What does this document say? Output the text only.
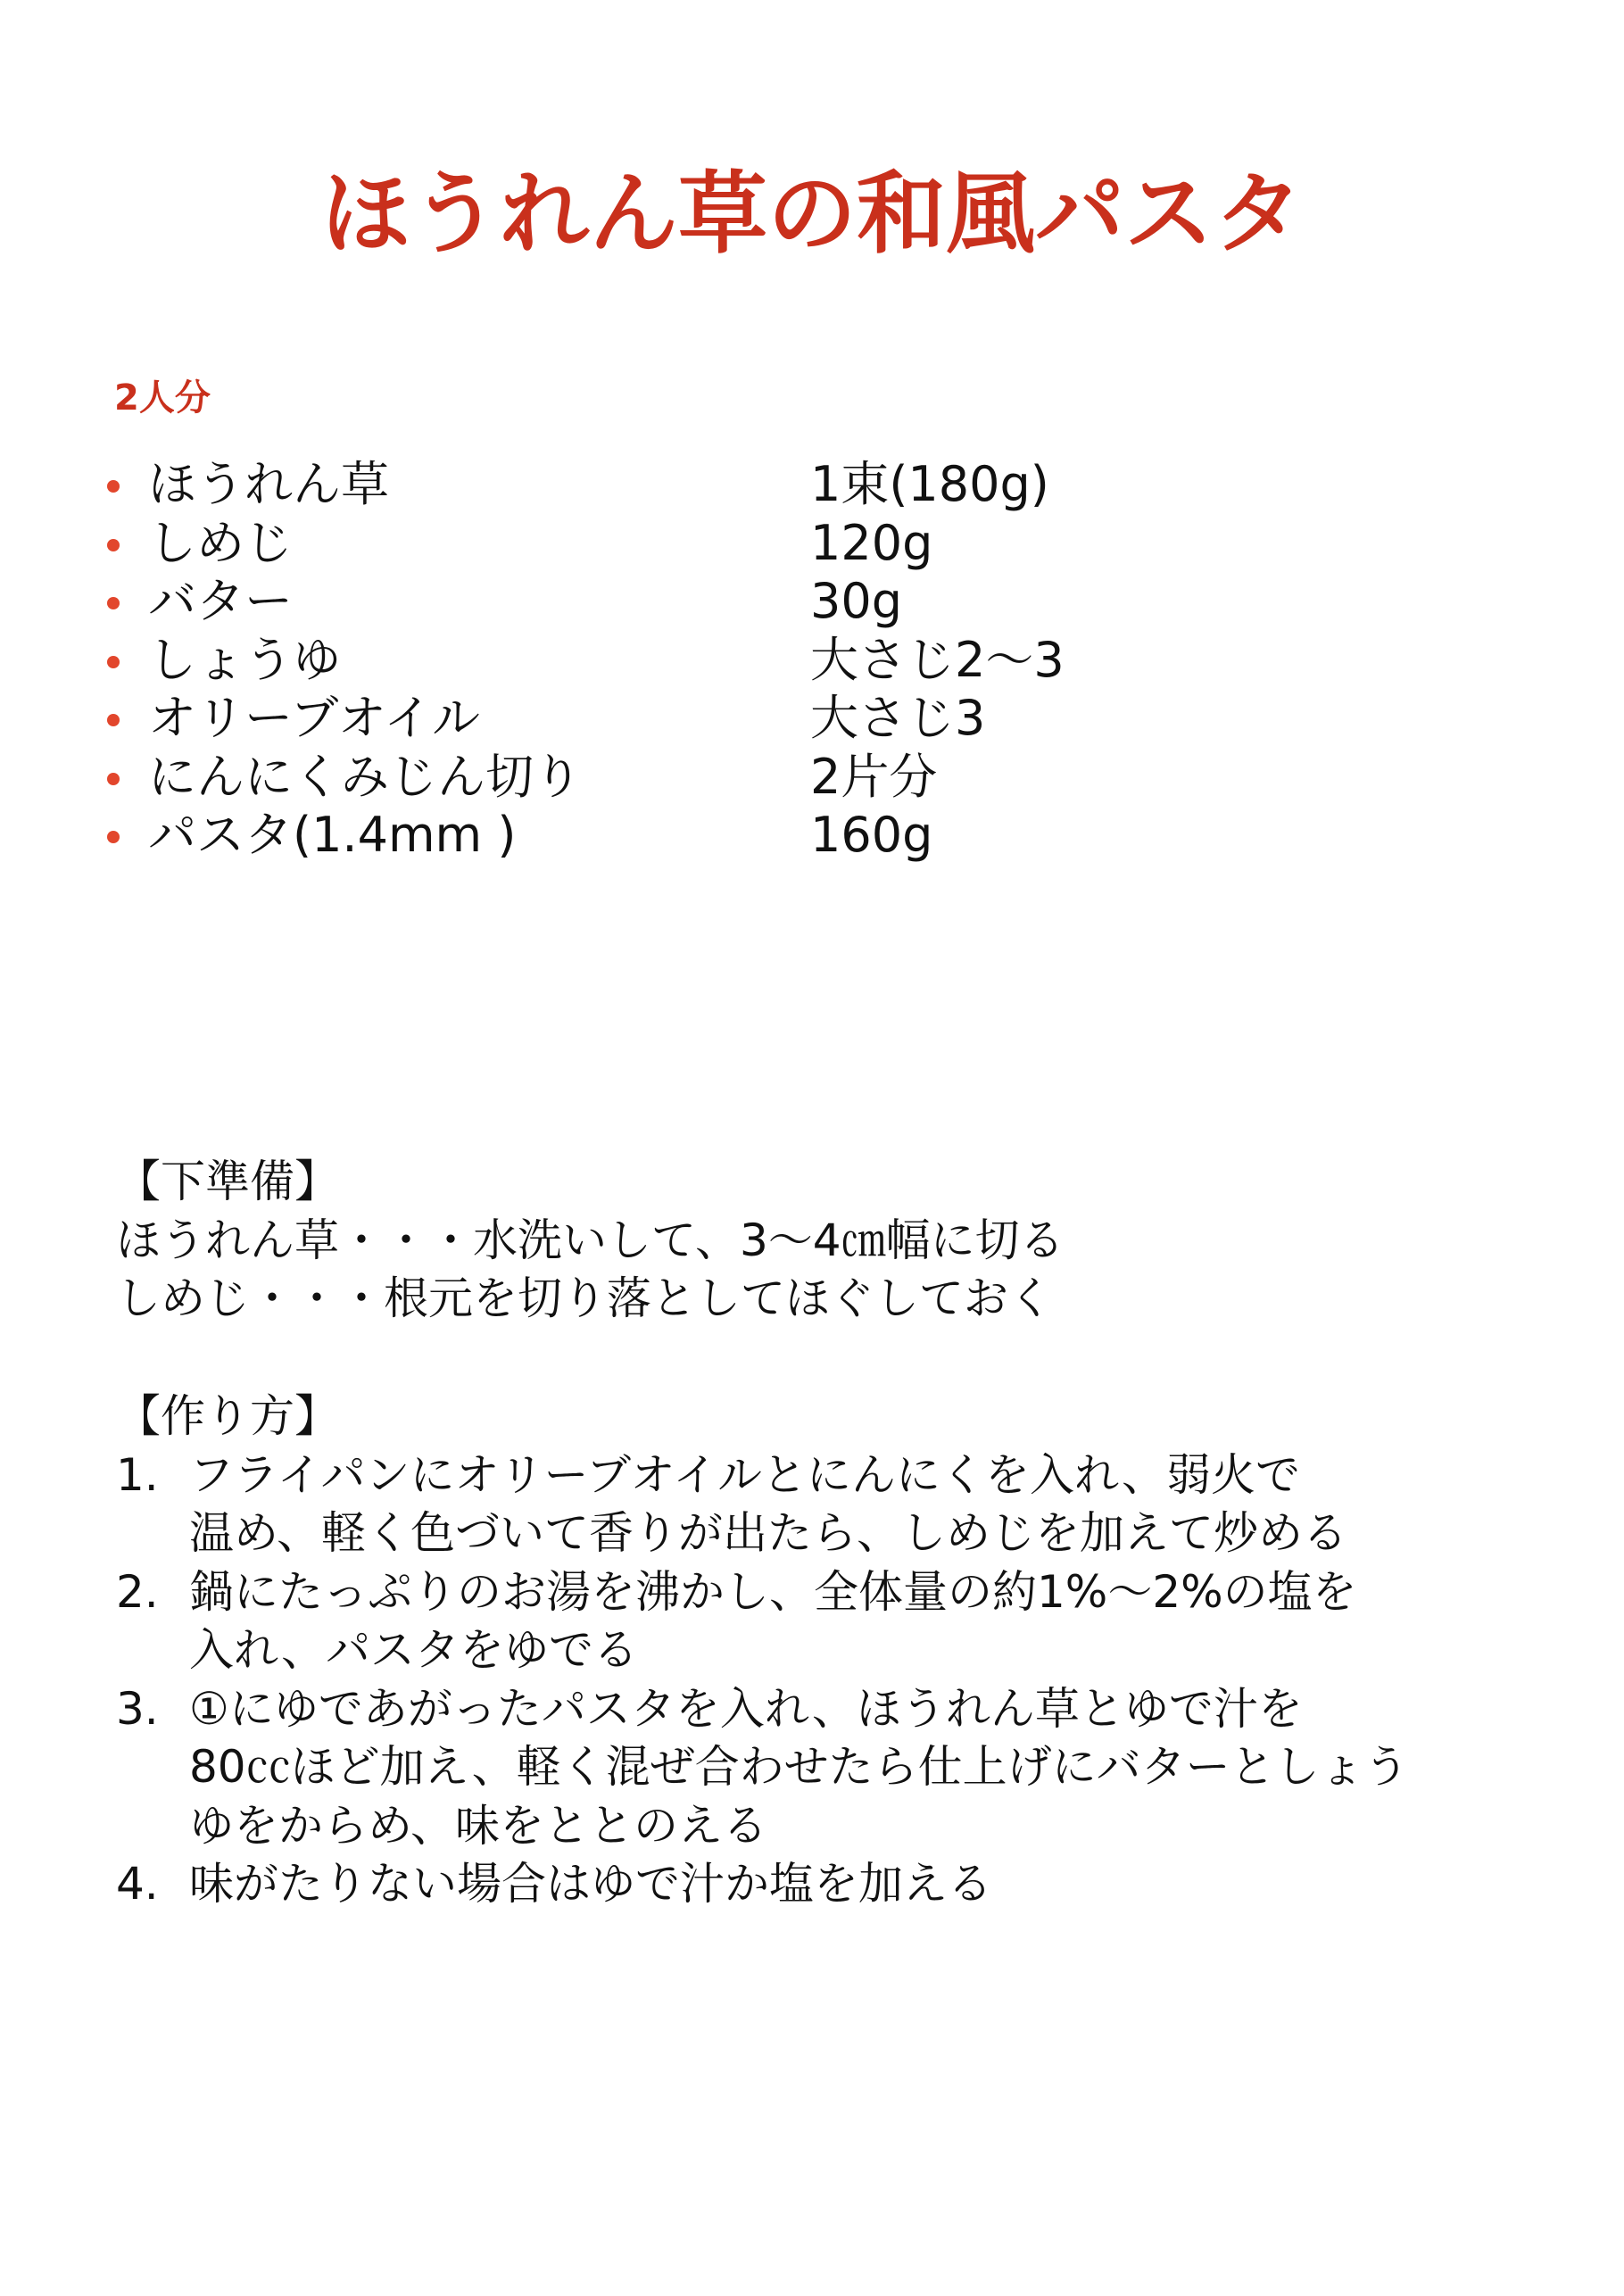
ほうれん草の和風パスタ
2人分
ほうれん草	1束(180g)
しめじ	120g
バター	30g
しょうゆ	大さじ2～3
オリーブオイル	大さじ3
にんにくみじん切り	2片分
パスタ(1.4mm )	160g
【下準備】
ほうれん草・・・水洗いして、3～4㎝幅に切る
しめじ・・・根元を切り落としてほぐしておく
【作り方】
1. フライパンにオリーブオイルとにんにくを入れ、弱火で
温め、軽く色づいて香りが出たら、しめじを加えて炒める
2. 鍋にたっぷりのお湯を沸かし、全体量の約1%～2%の塩を
入れ、パスタをゆでる
3. ①にゆであがったパスタを入れ、ほうれん草とゆで汁を
80㏄ほど加え、軽く混ぜ合わせたら仕上げにバターとしょう
ゆをからめ、味をととのえる
4. 味がたりない場合はゆで汁か塩を加える
